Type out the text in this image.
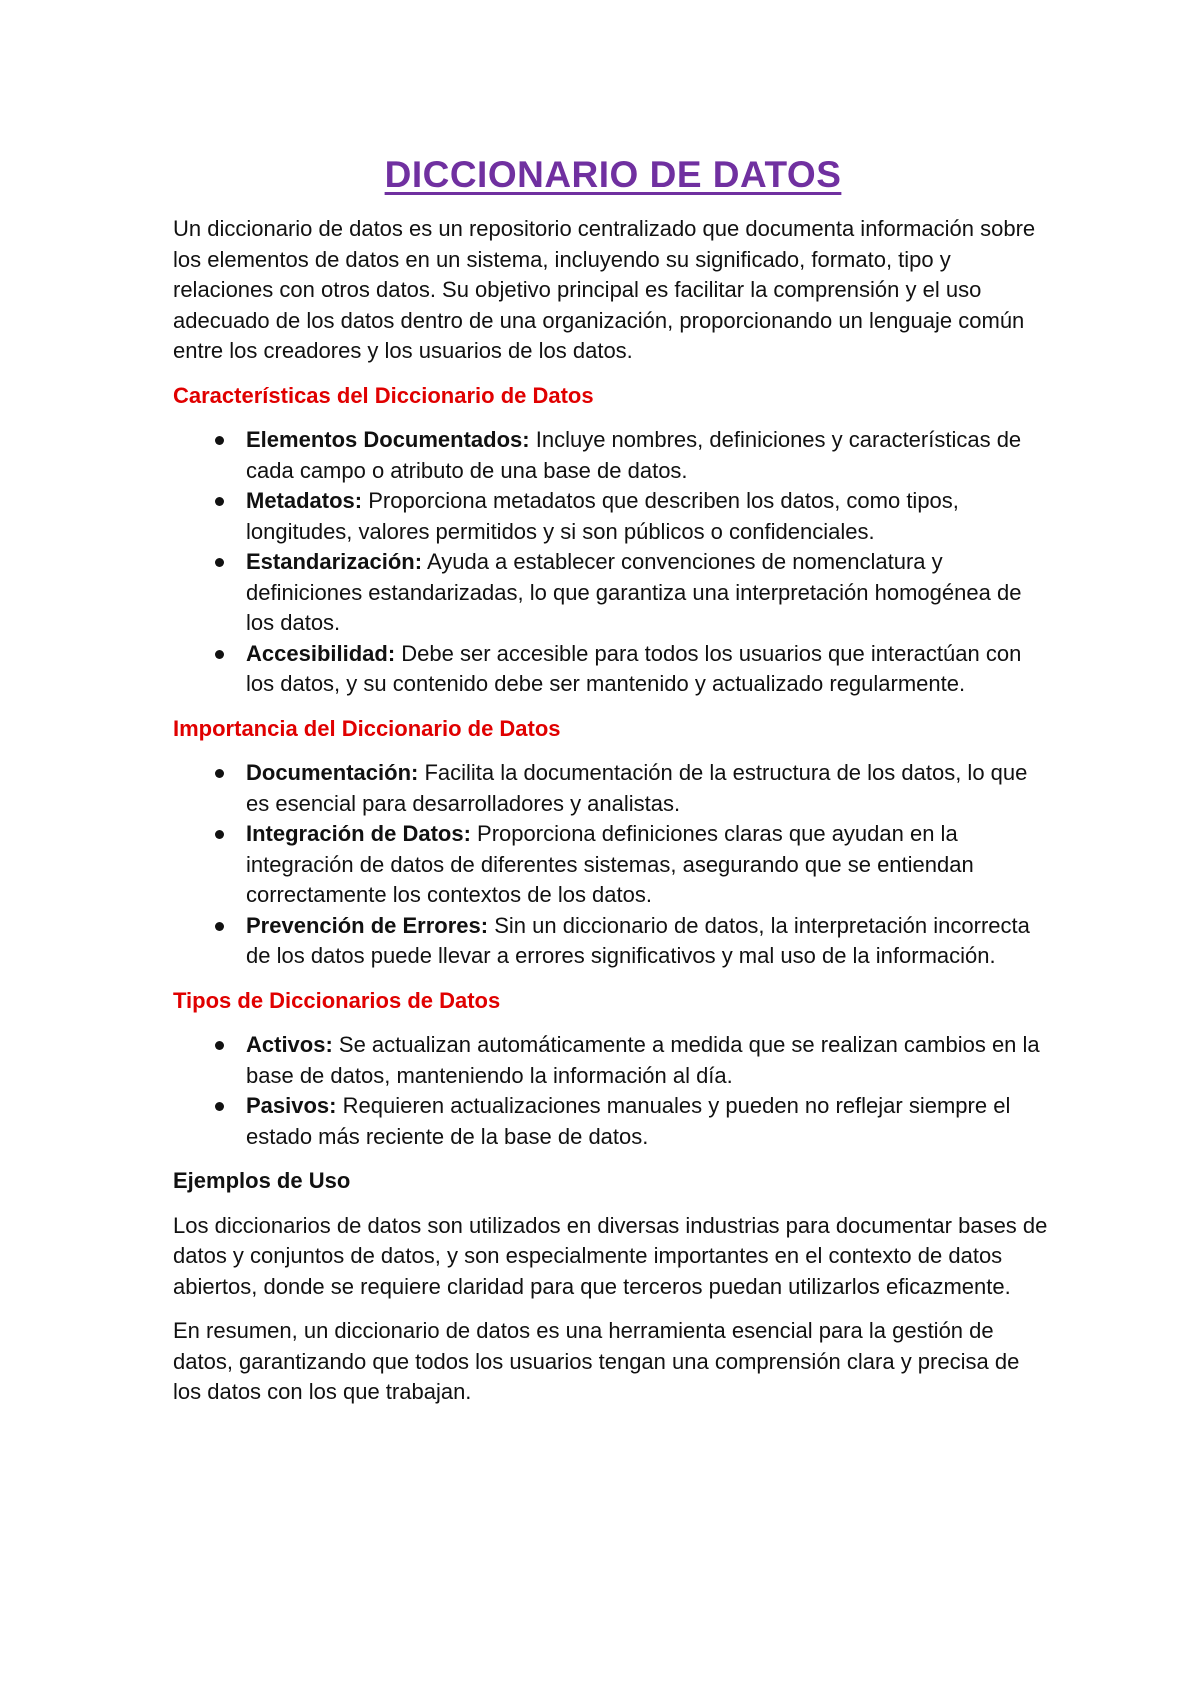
DICCIONARIO DE DATOS

Un diccionario de datos es un repositorio centralizado que documenta información sobre los elementos de datos en un sistema, incluyendo su significado, formato, tipo y relaciones con otros datos. Su objetivo principal es facilitar la comprensión y el uso adecuado de los datos dentro de una organización, proporcionando un lenguaje común entre los creadores y los usuarios de los datos.

Características del Diccionario de Datos
Elementos Documentados: Incluye nombres, definiciones y características de cada campo o atributo de una base de datos.
Metadatos: Proporciona metadatos que describen los datos, como tipos, longitudes, valores permitidos y si son públicos o confidenciales.
Estandarización: Ayuda a establecer convenciones de nomenclatura y definiciones estandarizadas, lo que garantiza una interpretación homogénea de los datos.
Accesibilidad: Debe ser accesible para todos los usuarios que interactúan con los datos, y su contenido debe ser mantenido y actualizado regularmente.
Importancia del Diccionario de Datos
Documentación: Facilita la documentación de la estructura de los datos, lo que es esencial para desarrolladores y analistas.
Integración de Datos: Proporciona definiciones claras que ayudan en la integración de datos de diferentes sistemas, asegurando que se entiendan correctamente los contextos de los datos.
Prevención de Errores: Sin un diccionario de datos, la interpretación incorrecta de los datos puede llevar a errores significativos y mal uso de la información.
Tipos de Diccionarios de Datos
Activos: Se actualizan automáticamente a medida que se realizan cambios en la base de datos, manteniendo la información al día.
Pasivos: Requieren actualizaciones manuales y pueden no reflejar siempre el estado más reciente de la base de datos.
Ejemplos de Uso

Los diccionarios de datos son utilizados en diversas industrias para documentar bases de datos y conjuntos de datos, y son especialmente importantes en el contexto de datos abiertos, donde se requiere claridad para que terceros puedan utilizarlos eficazmente.

En resumen, un diccionario de datos es una herramienta esencial para la gestión de datos, garantizando que todos los usuarios tengan una comprensión clara y precisa de los datos con los que trabajan.
